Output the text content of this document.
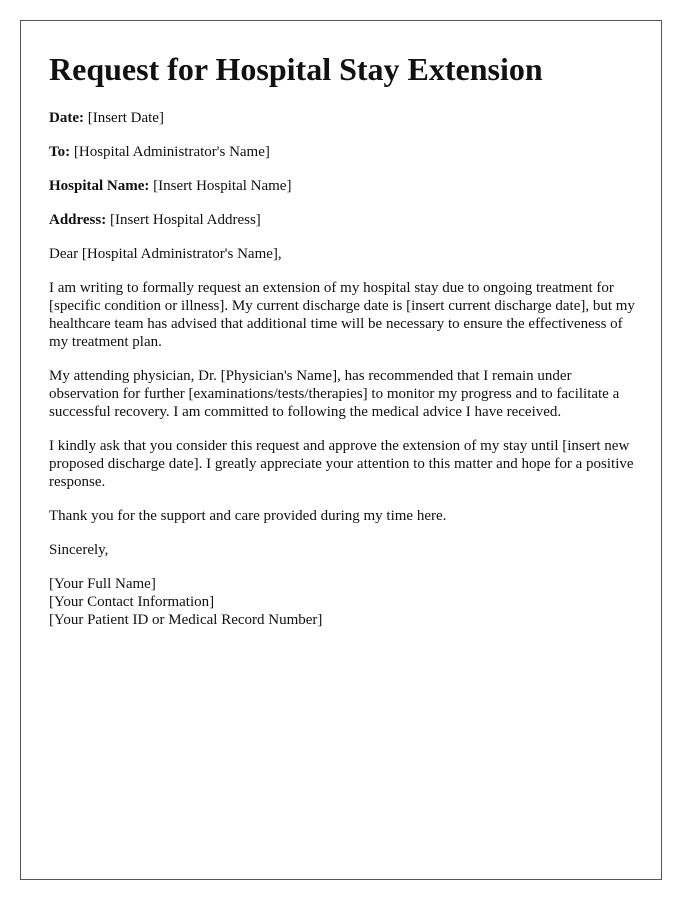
Request for Hospital Stay Extension
Date: [Insert Date]
To: [Hospital Administrator's Name]
Hospital Name: [Insert Hospital Name]
Address: [Insert Hospital Address]

Dear [Hospital Administrator's Name],

I am writing to formally request an extension of my hospital stay due to ongoing treatment for [specific condition or illness]. My current discharge date is [insert current discharge date], but my healthcare team has advised that additional time will be necessary to ensure the effectiveness of my treatment plan.

My attending physician, Dr. [Physician's Name], has recommended that I remain under observation for further [examinations/tests/therapies] to monitor my progress and to facilitate a successful recovery. I am committed to following the medical advice I have received.

I kindly ask that you consider this request and approve the extension of my stay until [insert new proposed discharge date]. I greatly appreciate your attention to this matter and hope for a positive response.

Thank you for the support and care provided during my time here.

Sincerely,

[Your Full Name]
[Your Contact Information]
[Your Patient ID or Medical Record Number]
